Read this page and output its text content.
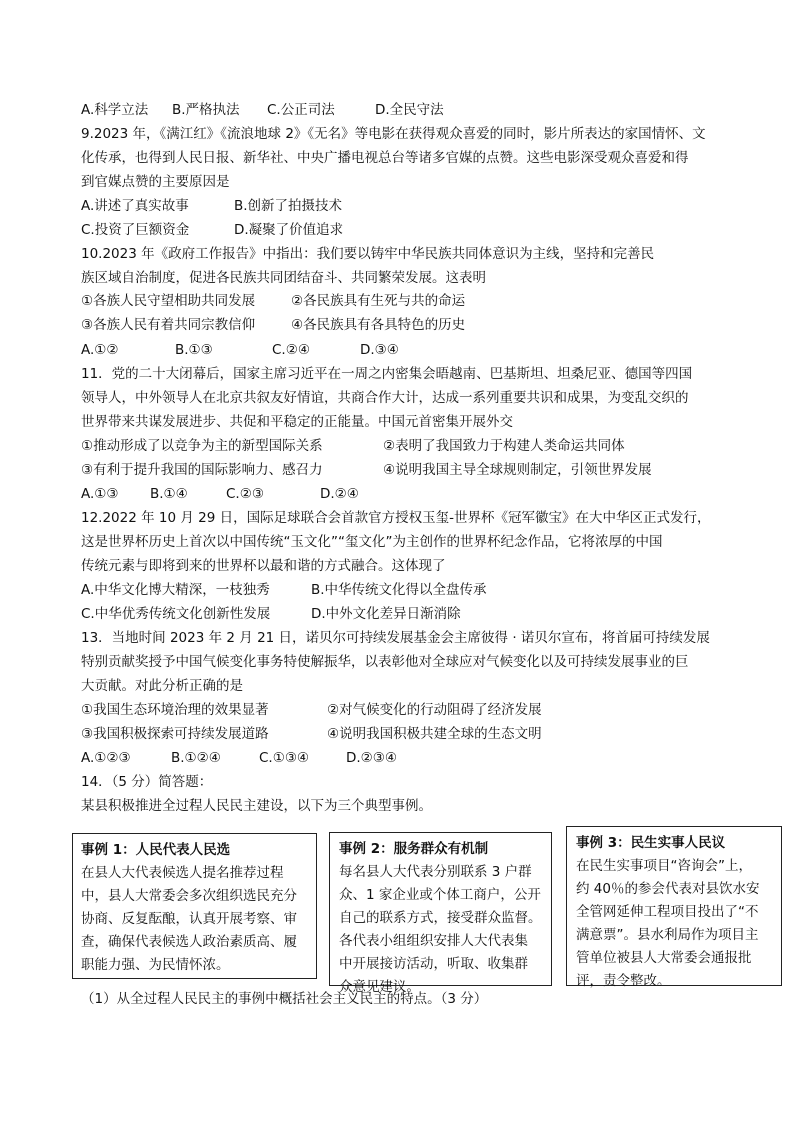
A.科学立法 B.严格执法 C.公正司法	D.全民守法
9.2023 年，《满江红》《流浪地球 2》《无名》等电影在获得观众喜爱的同时，影片所表达的家国情怀、文
化传承，也得到人民日报、新华社、中央广播电视总台等诸多官媒的点赞。这些电影深受观众喜爱和得
到官媒点赞的主要原因是
A.讲述了真实故事	B.创新了拍摄技术
C.投资了巨额资金	D.凝聚了价值追求
10.2023 年《政府工作报告》中指出：我们要以铸牢中华民族共同体意识为主线，坚持和完善民
族区域自治制度，促进各民族共同团结奋斗、共同繁荣发展。这表明
①各族人民守望相助共同发展	②各民族具有生死与共的命运
③各族人民有着共同宗教信仰	④各民族具有各具特色的历史
A.①②	B.①③	C.②④	D.③④
11．党的二十大闭幕后，国家主席习近平在一周之内密集会晤越南、巴基斯坦、坦桑尼亚、德国等四国
领导人，中外领导人在北京共叙友好情谊，共商合作大计，达成一系列重要共识和成果，为变乱交织的
世界带来共谋发展进步、共促和平稳定的正能量。中国元首密集开展外交
①推动形成了以竞争为主的新型国际关系	②表明了我国致力于构建人类命运共同体
③有利于提升我国的国际影响力、感召力	④说明我国主导全球规则制定，引领世界发展
A.①③ B.①④	C.②③	D.②④
12.2022 年 10 月 29 日，国际足球联合会首款官方授权玉玺-世界杯《冠军徽宝》在大中华区正式发行，
这是世界杯历史上首次以中国传统“玉文化”“玺文化”为主创作的世界杯纪念作品，它将浓厚的中国
传统元素与即将到来的世界杯以最和谐的方式融合。这体现了
A.中华文化博大精深，一枝独秀	B.中华传统文化得以全盘传承
C.中华优秀传统文化创新性发展	D.中外文化差异日渐消除
13．当地时间 2023 年 2 月 21 日，诺贝尔可持续发展基金会主席彼得 · 诺贝尔宣布，将首届可持续发展
特别贡献奖授予中国气候变化事务特使解振华，以表彰他对全球应对气候变化以及可持续发展事业的巨
大贡献。对此分析正确的是
①我国生态环境治理的效果显著	②对气候变化的行动阻碍了经济发展
③我国积极探索可持续发展道路	④说明我国积极共建全球的生态文明
A.①②③	B.①②④	C.①③④	D.②③④
14．（5 分）简答题：
某县积极推进全过程人民民主建设，以下为三个典型事例。
事例 1：人民代表人民选
在县人大代表候选人提名推荐过程
中，县人大常委会多次组织选民充分
协商、反复酝酿，认真开展考察、审
查，确保代表候选人政治素质高、履
职能力强、为民情怀浓。
事例 2：服务群众有机制
每名县人大代表分别联系 3 户群
众、1 家企业或个体工商户，公开
自己的联系方式，接受群众监督。
各代表小组组织安排人大代表集
中开展接访活动，听取、收集群
众意见建议。
事例 3：民生实事人民议
在民生实事项目“咨询会”上，
约 40％的参会代表对县饮水安
全管网延伸工程项目投出了“不
满意票”。县水利局作为项目主
管单位被县人大常委会通报批
评，责令整改。
（1）从全过程人民民主的事例中概括社会主义民主的特点。（3 分）
